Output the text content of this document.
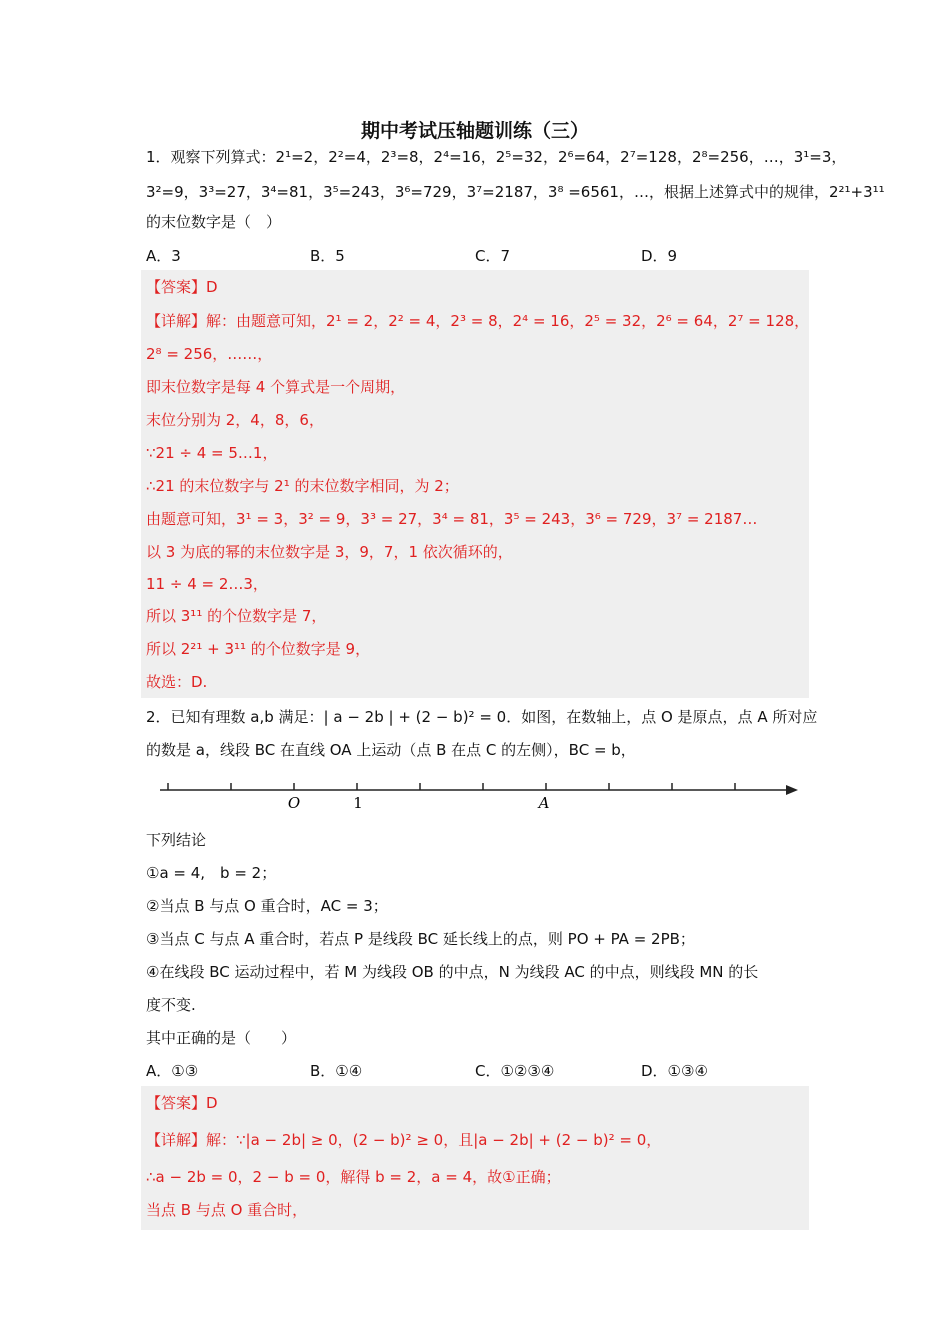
期中考试压轴题训练（三）
1．观察下列算式：2¹=2，2²=4，2³=8，2⁴=16，2⁵=32，2⁶=64，2⁷=128，2⁸=256，…，3¹=3，
3²=9，3³=27，3⁴=81，3⁵=243，3⁶=729，3⁷=2187，3⁸ =6561，…，根据上述算式中的规律，2²¹+3¹¹
的末位数字是（　）
A．3	B．5	C．7	D．9
【答案】D
【详解】解：由题意可知，2¹ = 2，2² = 4，2³ = 8，2⁴ = 16，2⁵ = 32，2⁶ = 64，2⁷ = 128，
2⁸ = 256，……，
即末位数字是每 4 个算式是一个周期，
末位分别为 2，4，8，6，
∵21 ÷ 4 = 5…1，
∴21 的末位数字与 2¹ 的末位数字相同，为 2；
由题意可知，3¹ = 3，3² = 9，3³ = 27，3⁴ = 81，3⁵ = 243，3⁶ = 729，3⁷ = 2187…
以 3 为底的幂的末位数字是 3，9，7，1 依次循环的，
11 ÷ 4 = 2…3，
所以 3¹¹ 的个位数字是 7，
所以 2²¹ + 3¹¹ 的个位数字是 9，
故选：D.
2．已知有理数 a,b 满足：| a − 2b | + (2 − b)² = 0．如图，在数轴上，点 O 是原点，点 A 所对应
的数是 a，线段 BC 在直线 OA 上运动（点 B 在点 C 的左侧），BC = b，
O	1	A
下列结论
①a = 4,　b = 2；
②当点 B 与点 O 重合时，AC = 3；
③当点 C 与点 A 重合时，若点 P 是线段 BC 延长线上的点，则 PO + PA = 2PB；
④在线段 BC 运动过程中，若 M 为线段 OB 的中点，N 为线段 AC 的中点，则线段 MN 的长
度不变.
其中正确的是（　　）
A．①③	B．①④	C．①②③④	D．①③④
【答案】D
【详解】解：∵|a − 2b| ≥ 0，(2 − b)² ≥ 0，且|a − 2b| + (2 − b)² = 0，
∴a − 2b = 0，2 − b = 0，解得 b = 2，a = 4，故①正确；
当点 B 与点 O 重合时，
